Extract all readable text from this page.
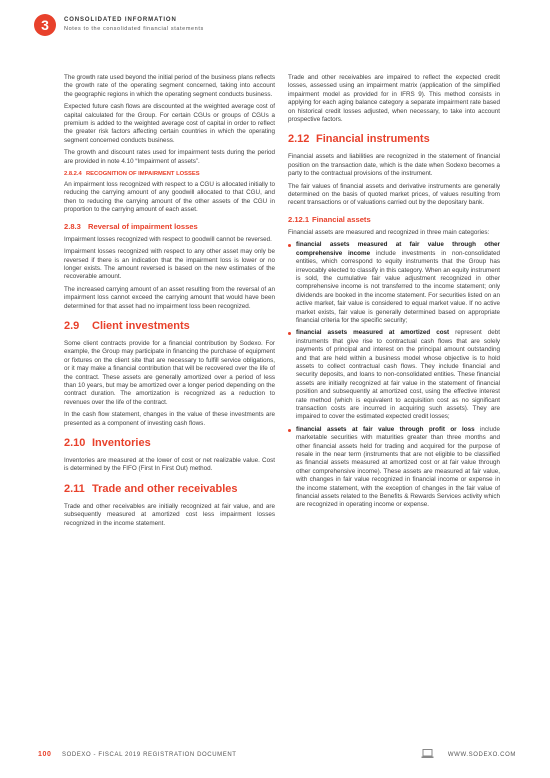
3	CONSOLIDATED INFORMATION
Notes to the consolidated financial statements

The growth rate used beyond the initial period of the business plans reflects the growth rate of the operating segment concerned, taking into account the geographic regions in which the operating segment conducts business.

Expected future cash flows are discounted at the weighted average cost of capital calculated for the Group. For certain CGUs or groups of CGUs a premium is added to the weighted average cost of capital in order to reflect the greater risk factors affecting certain countries in which the operating segment concerned conducts business.

The growth and discount rates used for impairment tests during the period are provided in note 4.10 “Impairment of assets”.

2.8.2.4 RECOGNITION OF IMPAIRMENT LOSSES

An impairment loss recognized with respect to a CGU is allocated initially to reducing the carrying amount of any goodwill allocated to that CGU, and then to reducing the carrying amount of the other assets of the CGU in proportion to the carrying amount of each asset.

2.8.3 Reversal of impairment losses

Impairment losses recognized with respect to goodwill cannot be reversed.

Impairment losses recognized with respect to any other asset may only be reversed if there is an indication that the impairment loss is lower or no longer exists. The amount reversed is based on the new estimates of the recoverable amount.

The increased carrying amount of an asset resulting from the reversal of an impairment loss cannot exceed the carrying amount that would have been determined for that asset had no impairment loss been recognized.

2.9 Client investments

Some client contracts provide for a financial contribution by Sodexo. For example, the Group may participate in financing the purchase of equipment or fixtures on the client site that are necessary to fulfill service obligations, or it may make a financial contribution that will be recovered over the life of the contract. These assets are generally amortized over a period of less than 10 years, but may be amortized over a longer period depending on the contract duration. The amortization is recognized as a reduction to revenues over the life of the contract.

In the cash flow statement, changes in the value of these investments are presented as a component of investing cash flows.

2.10 Inventories

Inventories are measured at the lower of cost or net realizable value. Cost is determined by the FIFO (First In First Out) method.

2.11 Trade and other receivables

Trade and other receivables are initially recognized at fair value, and are subsequently measured at amortized cost less impairment losses recognized in the income statement.

Trade and other receivables are impaired to reflect the expected credit losses, assessed using an impairment matrix (application of the simplified impairment model as provided for in IFRS 9). This method consists in applying for each aging balance category a separate impairment rate based on historical credit losses adjusted, when necessary, to take into account prospective factors.

2.12 Financial instruments

Financial assets and liabilities are recognized in the statement of financial position on the transaction date, which is the date when Sodexo becomes a party to the contractual provisions of the instrument.

The fair values of financial assets and derivative instruments are generally determined on the basis of quoted market prices, of values resulting from recent transactions or of valuations carried out by the depositary bank.

2.12.1 Financial assets

Financial assets are measured and recognized in three main categories:

financial assets measured at fair value through other comprehensive income include investments in non-consolidated entities, which correspond to equity instruments that the Group has irrevocably elected to classify in this category. When an equity instrument is sold, the cumulative fair value adjustment recognized in other comprehensive income is not transferred to the income statement; only dividends are booked in the income statement. For securities listed on an active market, fair value is considered to equal market value. If no active market exists, fair value is generally determined based on appropriate financial criteria for the specific security;
financial assets measured at amortized cost represent debt instruments that give rise to contractual cash flows that are solely payments of principal and interest on the principal amount outstanding and that are held within a business model whose objective is to hold assets to collect contractual cash flows. They include financial and security deposits, and loans to non-consolidated entities. These financial assets are initially recognized at fair value in the statement of financial position and subsequently at amortized cost, using the effective interest rate method (which is equivalent to acquisition cost as no significant transaction costs are incurred in acquiring such assets). They are impaired to cover the estimated expected credit losses;
financial assets at fair value through profit or loss include marketable securities with maturities greater than three months and other financial assets held for trading and acquired for the purpose of resale in the near term (instruments that are not eligible to be classified as financial assets measured at amortized cost or at fair value through other comprehensive income). These assets are measured at fair value, with changes in fair value recognized in financial income or expense in the income statement, with the exception of changes in the fair value of financial assets related to the Benefits & Rewards Services activity which are recognized in operating income or expense.
100 SODEXO - FISCAL 2019 REGISTRATION DOCUMENT	WWW.SODEXO.COM
